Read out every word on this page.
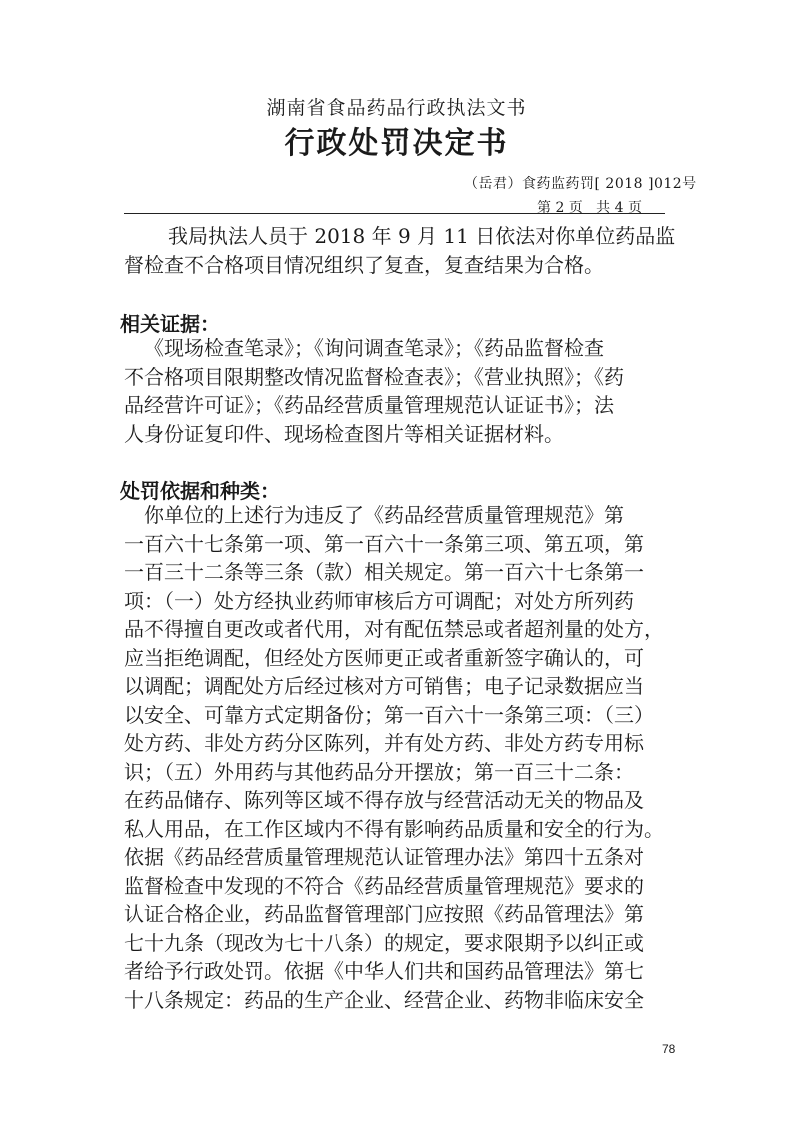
湖南省食品药品行政执法文书
行政处罚决定书
（岳君）食药监药罚[ 2018 ]012号
第 2 页   共 4 页
我局执法人员于 2018 年 9 月 11 日依法对你单位药品监
督检查不合格项目情况组织了复查，复查结果为合格。
相关证据：
《现场检查笔录》；《询问调查笔录》；《药品监督检查
不合格项目限期整改情况监督检查表》；《营业执照》；《药
品经营许可证》；《药品经营质量管理规范认证证书》；法
人身份证复印件、现场检查图片等相关证据材料。
处罚依据和种类：
你单位的上述行为违反了《药品经营质量管理规范》第
一百六十七条第一项、第一百六十一条第三项、第五项，第
一百三十二条等三条（款）相关规定。第一百六十七条第一
项：（一）处方经执业药师审核后方可调配；对处方所列药
品不得擅自更改或者代用，对有配伍禁忌或者超剂量的处方，
应当拒绝调配，但经处方医师更正或者重新签字确认的，可
以调配；调配处方后经过核对方可销售；电子记录数据应当
以安全、可靠方式定期备份；第一百六十一条第三项：（三）
处方药、非处方药分区陈列，并有处方药、非处方药专用标
识；（五）外用药与其他药品分开摆放；第一百三十二条：
在药品储存、陈列等区域不得存放与经营活动无关的物品及
私人用品，在工作区域内不得有影响药品质量和安全的行为。
依据《药品经营质量管理规范认证管理办法》第四十五条对
监督检查中发现的不符合《药品经营质量管理规范》要求的
认证合格企业，药品监督管理部门应按照《药品管理法》第
七十九条（现改为七十八条）的规定，要求限期予以纠正或
者给予行政处罚。依据《中华人们共和国药品管理法》第七
十八条规定：药品的生产企业、经营企业、药物非临床安全
78
